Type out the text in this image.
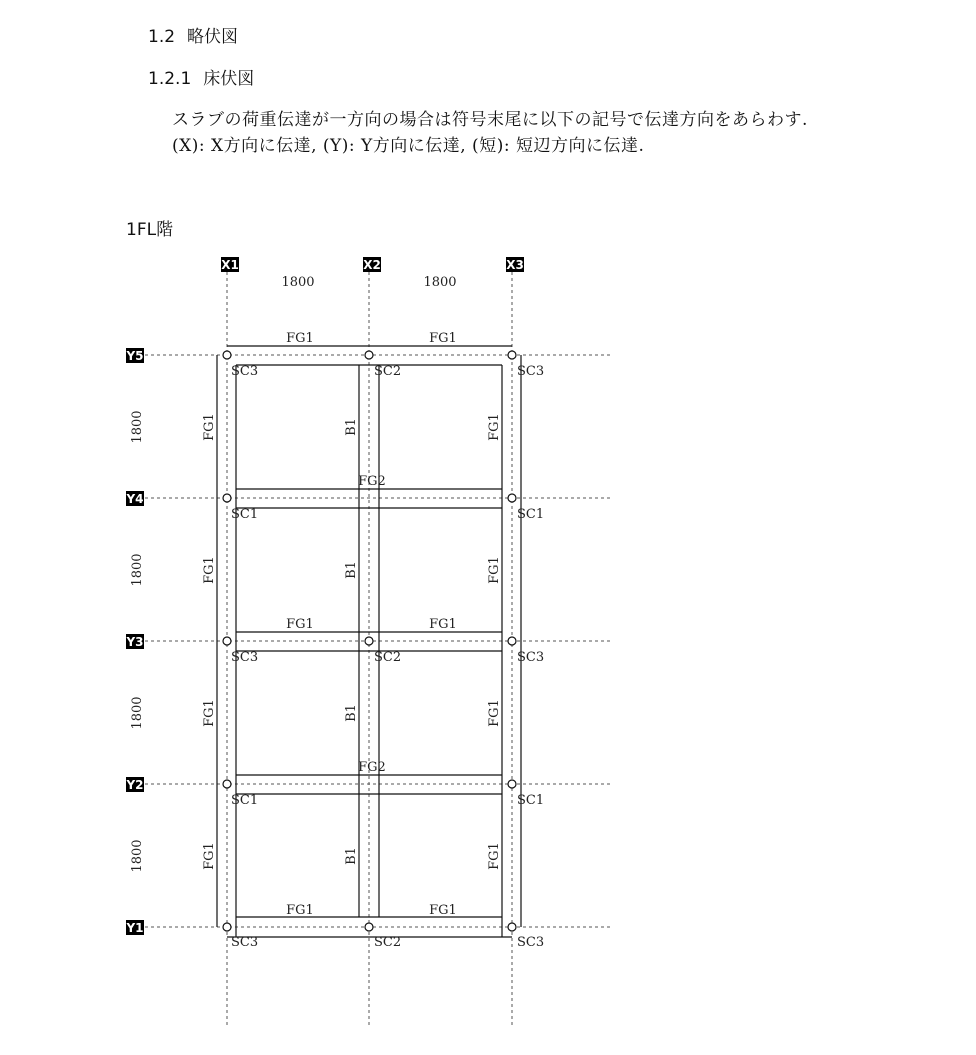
1.2 略伏図
1.2.1 床伏図
スラブの荷重伝達が一方向の場合は符号末尾に以下の記号で伝達方向をあらわす.
(X): X方向に伝達, (Y): Y方向に伝達, (短): 短辺方向に伝達.
1FL階
X1	X2	X3
Y5
Y4
Y3
Y2
Y1
1800	1800
1800
1800
1800
1800
FG1	FG1
FG2
FG1	FG1
FG2
FG1	FG1
FG1
FG1
FG1
FG1
B1
B1
B1
B1
FG1
FG1
FG1
FG1
SC3	SC2	SC3
SC1	SC1
SC3	SC2	SC3
SC1	SC1
SC3	SC2	SC3
